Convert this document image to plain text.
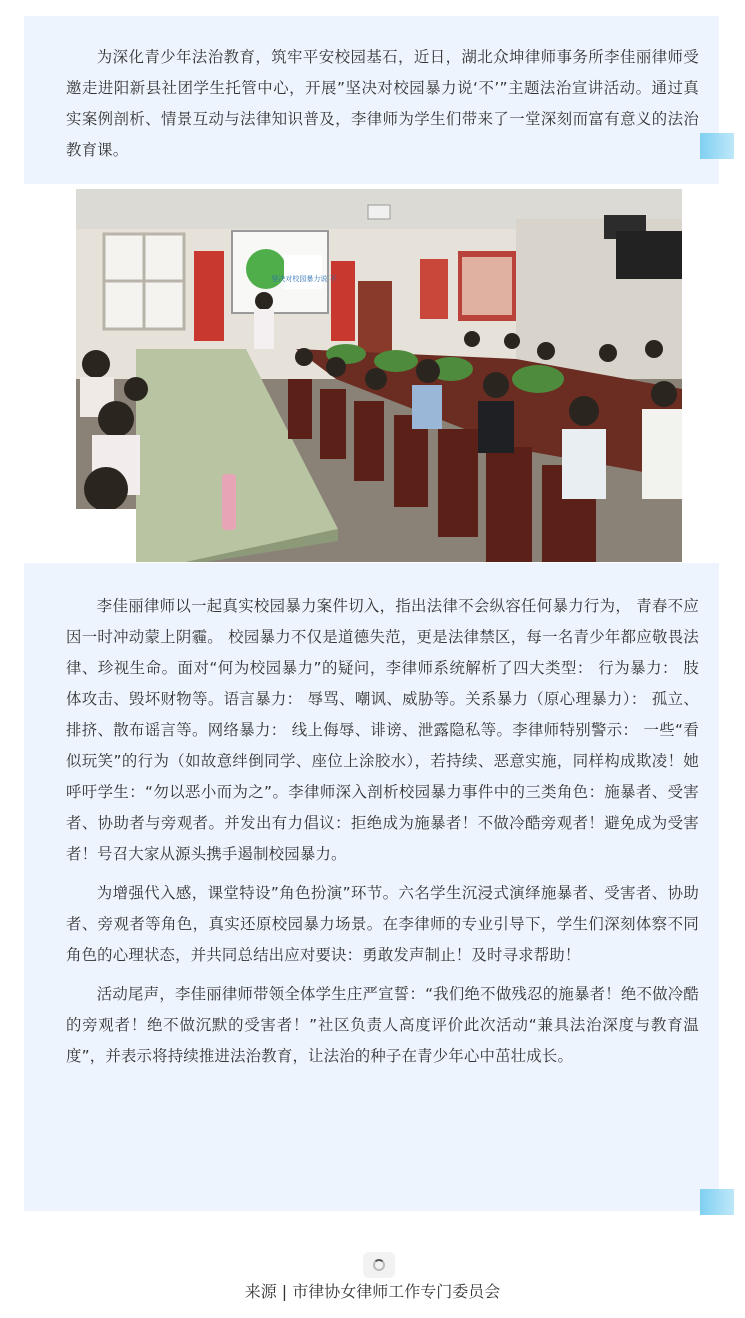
为深化青少年法治教育，筑牢平安校园基石，近日，湖北众坤律师事务所李佳丽律师受邀走进阳新县社团学生托管中心，开展”坚决对校园暴力说‘不’”主题法治宣讲活动。通过真实案例剖析、情景互动与法律知识普及，李律师为学生们带来了一堂深刻而富有意义的法治教育课。

坚决对校园暴力说 不

李佳丽律师以一起真实校园暴力案件切入，指出法律不会纵容任何暴力行为， 青春不应因一时冲动蒙上阴霾。 校园暴力不仅是道德失范，更是法律禁区，每一名青少年都应敬畏法律、珍视生命。面对“何为校园暴力”的疑问，李律师系统解析了四大类型： 行为暴力： 肢体攻击、毁坏财物等。语言暴力： 辱骂、嘲讽、威胁等。关系暴力（原心理暴力）： 孤立、排挤、散布谣言等。网络暴力： 线上侮辱、诽谤、泄露隐私等。李律师特别警示： 一些“看似玩笑”的行为（如故意绊倒同学、座位上涂胶水），若持续、恶意实施，同样构成欺凌！她呼吁学生：“勿以恶小而为之”。李律师深入剖析校园暴力事件中的三类角色：施暴者、受害者、协助者与旁观者。并发出有力倡议：拒绝成为施暴者！不做冷酷旁观者！避免成为受害者！号召大家从源头携手遏制校园暴力。

为增强代入感，课堂特设”角色扮演”环节。六名学生沉浸式演绎施暴者、受害者、协助者、旁观者等角色，真实还原校园暴力场景。在李律师的专业引导下，学生们深刻体察不同角色的心理状态，并共同总结出应对要诀：勇敢发声制止！及时寻求帮助！

活动尾声，李佳丽律师带领全体学生庄严宣誓：“我们绝不做残忍的施暴者！绝不做冷酷的旁观者！绝不做沉默的受害者！”社区负责人高度评价此次活动“兼具法治深度与教育温度”，并表示将持续推进法治教育，让法治的种子在青少年心中茁壮成长。

来源 | 市律协女律师工作专门委员会
